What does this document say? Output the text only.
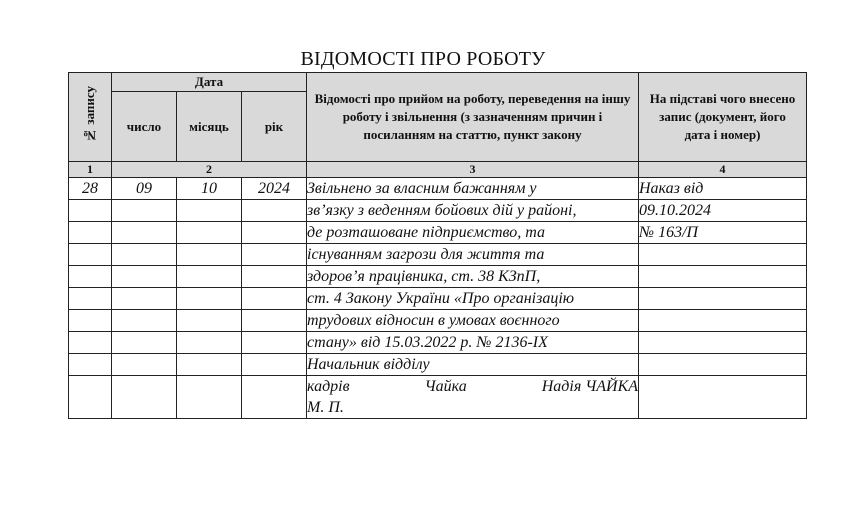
ВІДОМОСТІ ПРО РОБОТУ
№ запису	Дата			Відомості про прийом на роботу, переведення на іншу роботу і звільнення (з зазначенням причин і посиланням на статтю, пункт закону	На підставі чого внесено запис (документ, його дата і номер)
	число	місяць	рік		
1	2			3	4
28	09	10	2024	Звільнено за власним бажанням у	Наказ від
				зв’язку з веденням бойових дій у районі,	09.10.2024
				де розташоване підприємство, та	№ 163/П
				існуванням загрози для життя та	
				здоров’я працівника, ст. 38 КЗпП,	
				ст. 4 Закону України «Про організацію	
				трудових відносин в умовах воєнного	
				стану» від 15.03.2022 р. № 2136-IX	
				Начальник відділу	

				кадрів Чайка Надія ЧАЙКА
М. П.	
